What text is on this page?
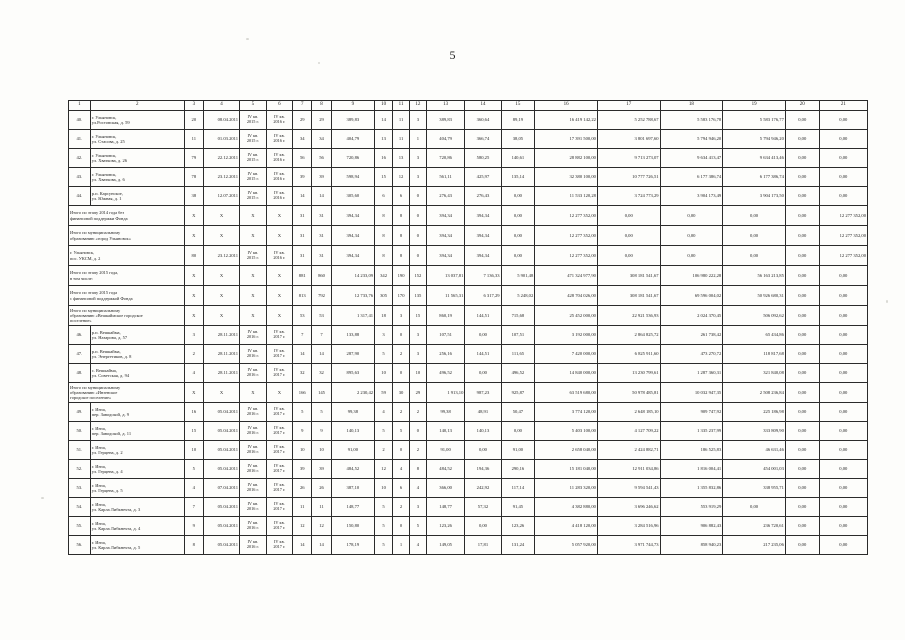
5
1	2	3	4	5	6	7	8	9	10	11	12	13	14	15	16	17	18	19	20	21
40.	г. Ульяновск,
ул.Ростовская, д. 59	20	08.04.2011	IV кв.
2015 г.	IV кв.
2016 г.	29	29	389,83	14	11	3	389,83	360,64	89,19	16 419 142,22	5 252 788,67	5 583 176,78	5 583 176,77	0,00	0,00
41.	г. Ульяновск,
ул. Стасова, д. 25	11	01.03.2011	IV кв.
2015 г.	IV кв.
2016 г.	34	34	404,79	13	11	1	404,79	366,74	38,05	17 391 500,00	3 801 697,60	5 794 946,20	5 794 946,20	0,00	0,00
42.	г. Ульяновск,
ул. Хваткова, д. 26	79	22.12.2011	IV кв.
2015 г.	IV кв.
2016 г.	56	56	720,86	16	13	3	720,86	580,25	140,61	28 882 100,00	9 713 273,07	9 634 413,47	9 634 413,46	0,00	0,00
43.	г. Ульяновск,
ул. Хваткова, д. 6	78	23.12.2011	IV кв.
2015 г.	IV кв.
2016 г.	39	39	598,94	15	12	3	561,11	425,97	135,14	32 380 100,00	10 777 726,51	6 177 386,74	6 177 386,74	0,00	0,00
44.	р.п. Карсунское,
ул. Южная, д. 1	38	12.07.2011	IV кв.
2015 г.	IV кв.
2016 г.	14	14	305,60	6	6	0	276,43	276,43	0,00	11 533 120,28	3 724 773,29	3 904 173,49	3 904 173,50	0,00	0,00
Итого по этапу 2014 года без
финансовой поддержки Фонда		X	X	X	X	31	31	394,34	8	8	0	394,34	394,34	0,00	12 277 352,00	0,00	0,00	0,00	0,00	12 277 352,00
Итого по муниципальному
образованию «город Ульяновск»		X	X	X	X	31	31	394,34	8	8	0	394,34	394,34	0,00	12 277 352,00	0,00	0,00	0,00	0,00	12 277 352,00
г. Ульяновск,
пос. УКСМ, д. 2		80	23.12.2011	IV кв.
2015 г.	IV кв.
2016 г.	31	31	394,34	8	8	0	394,34	394,34	0,00	12 277 352,00	0,00	0,00	0,00	0,00	12 277 352,00
Итого по этапу 2015 года,
в том числе:		X	X	X	X	881	860	14 233,09	342	190	152	13 037,81	7 136,33	5 901,48	471 324 977,90	308 181 541,67	106 980 222,28	56 163 213,85	0,00	0,00
Итого по этапу 2015 года
с финансовой поддержкой Фонда		X	X	X	X	813	792	12 733,76	305	170	135	11 565,31	6 317,29	5 248,02	428 704 026,00	308 181 541,67	69 596 004,02	50 926 680,31	0,00	0,00
Итого по муниципальному
образованию «Вешкаймское городское
поселение»		X	X	X	X	53	53	1 317,41	18	3	15	860,19	144,51	715,68	25 452 000,00	22 921 536,93	2 024 370,45	506 092,62	0,00	0,00
46.	р.п. Вешкайма,
ул. Назарова, д. 57	3	28.11.2011	IV кв.
2016 г.	IV кв.
2017 г.	7	7	133,88	3	0	3	107,51	0,00	107,51	3 192 000,00	2 864 825,72	261 738,42	65 434,86	0,00	0,00
47.	р.п. Вешкайма,
ул. Энергетиков, д. 8	2	28.11.2011	IV кв.
2016 г.	IV кв.
2017 г.	14	14	287,90	5	2	3	256,16	144,51	111,65	7 420 000,00	6 825 911,60	473 270,72	118 817,68	0,00	0,00
48.	с. Вешкайма,
ул. Советская, д. 94	4	28.11.2011	IV кв.
2016 г.	IV кв.
2017 г.	32	32	895,63	10	0	10	496,52	0,00	496,52	14 840 000,00	13 230 799,61	1 287 360,31	321 840,08	0,00	0,00
Итого по муниципальному
образованию «Инзенское
городское поселение»		X	X	X	X	166	145	2 230,42	59	30	29	1 913,10	987,23	925,87	63 519 680,00	50 978 485,81	10 032 947,35	2 508 236,84	0,00	0,00
49.	г. Инза,
пер. Заводской, д. 9	16	05.04.2011	IV кв.
2016 г.	IV кв.
2017 г.	5	5	99,38	4	2	2	99,38	48,91	50,47	3 774 120,00	2 648 185,10	909 747,92	225 186,98	0,00	0,00
50.	г. Инза,
пер. Заводской, д. 11	15	05.04.2011	IV кв.
2016 г.	IV кв.
2017 г.	9	9	140,13	5	5	0	140,13	140,13	0,00	5 403 100,00	4 127 709,22	1 335 237,99	333 809,90	0,00	0,00
51.	г. Инза,
ул. Герцена, д. 2	10	05.04.2011	IV кв.
2016 г.	IV кв.
2017 г.	10	10	91,00	2	0	2	91,00	0,00	91,00	2 658 040,00	2 424 882,71	186 525,83	46 631,46	0,00	0,00
52.	г. Инза,
ул. Герцена, д. 4	5	05.04.2011	IV кв.
2016 г.	IV кв.
2017 г.	39	39	484,52	12	4	8	484,52	194,36	290,16	15 181 040,00	12 911 034,86	1 816 004,41	454 001,03	0,00	0,00
53.	г. Инза,
ул. Герцена, д. 5	4	07.04.2011	IV кв.
2016 г.	IV кв.
2017 г.	26	26	387,10	10	6	4	366,00	242,92	117,14	11 283 320,00	9 594 541,43	1 355 832,86	338 955,71	0,00	0,00
54.	г. Инза,
ул. Карла Либкнехта, д. 3	7	05.04.2011	IV кв.
2016 г.	IV кв.
2017 г.	11	11	148,77	5	2	3	148,77	57,32	91,45	4 382 880,00	3 696 246,62	553 919,29	0,00	0,00	0,00
55.	г. Инза,
ул. Карла Либкнехта, д. 4	9	05.04.2011	IV кв.
2016 г.	IV кв.
2017 г.	12	12	150,80	5	0	5	123,26	0,00	123,26	4 418 120,00	3 284 516,96	906 882,43	236 720,61	0,00	0,00
56.	г. Инза,
ул. Карла Либкнехта, д. 5	8	05.04.2011	IV кв.
2016 г.	IV кв.
2017 г.	14	14	178,19	5	1	4	149,05	17,81	131,24	5 057 920,00	3 971 744,73	858 940,23	217 235,06	0,00	0,00
